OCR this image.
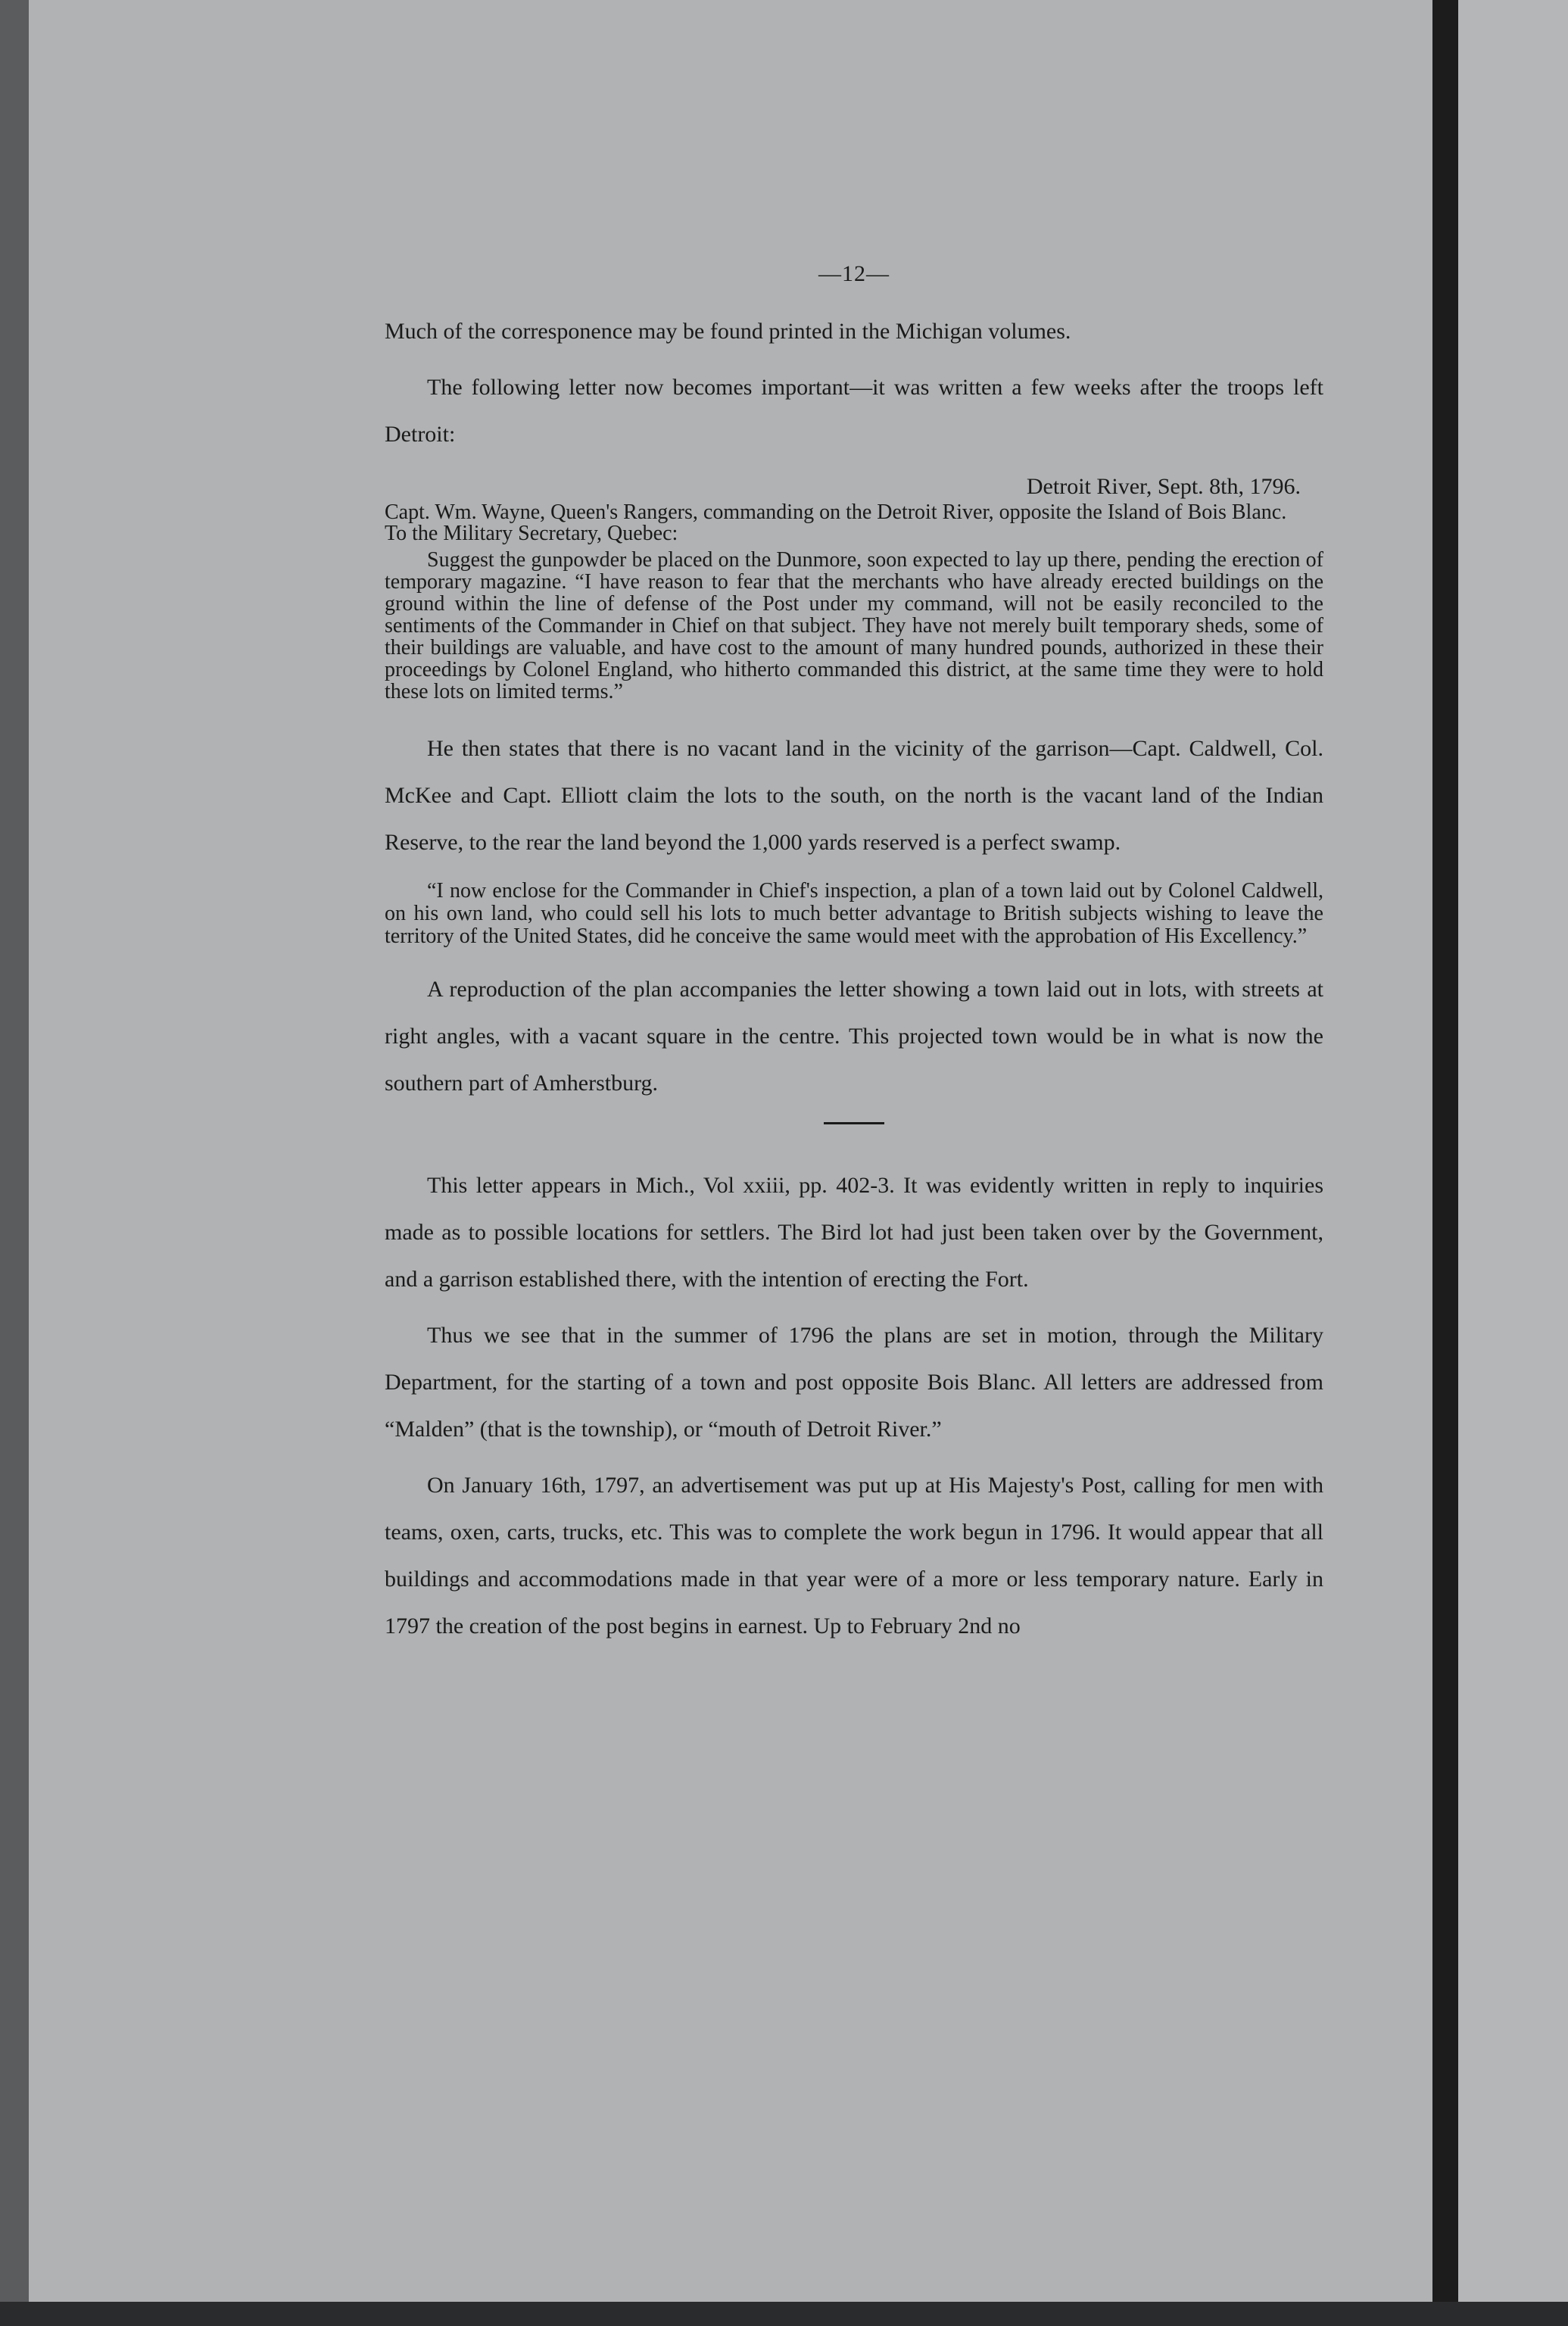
—12—

Much of the corresponence may be found printed in the Michigan volumes.

The following letter now becomes important—it was written a few weeks after the troops left Detroit:

Detroit River, Sept. 8th, 1796.

Capt. Wm. Wayne, Queen's Rangers, commanding on the Detroit River, opposite the Island of Bois Blanc.

To the Military Secretary, Quebec:

Suggest the gunpowder be placed on the Dunmore, soon expected to lay up there, pending the erection of temporary magazine. “I have reason to fear that the merchants who have already erected buildings on the ground within the line of defense of the Post under my command, will not be easily reconciled to the sentiments of the Commander in Chief on that subject. They have not merely built temporary sheds, some of their buildings are valuable, and have cost to the amount of many hundred pounds, authorized in these their proceedings by Colonel England, who hitherto commanded this district, at the same time they were to hold these lots on limited terms.”

He then states that there is no vacant land in the vicinity of the garrison—Capt. Caldwell, Col. McKee and Capt. Elliott claim the lots to the south, on the north is the vacant land of the Indian Reserve, to the rear the land beyond the 1,000 yards reserved is a perfect swamp.

“I now enclose for the Commander in Chief's inspection, a plan of a town laid out by Colonel Caldwell, on his own land, who could sell his lots to much better advantage to British subjects wishing to leave the territory of the United States, did he conceive the same would meet with the approbation of His Excellency.”

A reproduction of the plan accompanies the letter showing a town laid out in lots, with streets at right angles, with a vacant square in the centre. This projected town would be in what is now the southern part of Amherstburg.

This letter appears in Mich., Vol xxiii, pp. 402-3. It was evidently written in reply to inquiries made as to possible locations for settlers. The Bird lot had just been taken over by the Government, and a garrison established there, with the intention of erecting the Fort.

Thus we see that in the summer of 1796 the plans are set in motion, through the Military Department, for the starting of a town and post opposite Bois Blanc. All letters are addressed from “Malden” (that is the township), or “mouth of Detroit River.”

On January 16th, 1797, an advertisement was put up at His Majesty's Post, calling for men with teams, oxen, carts, trucks, etc. This was to complete the work begun in 1796. It would appear that all buildings and accommodations made in that year were of a more or less temporary nature. Early in 1797 the creation of the post begins in earnest. Up to February 2nd no
